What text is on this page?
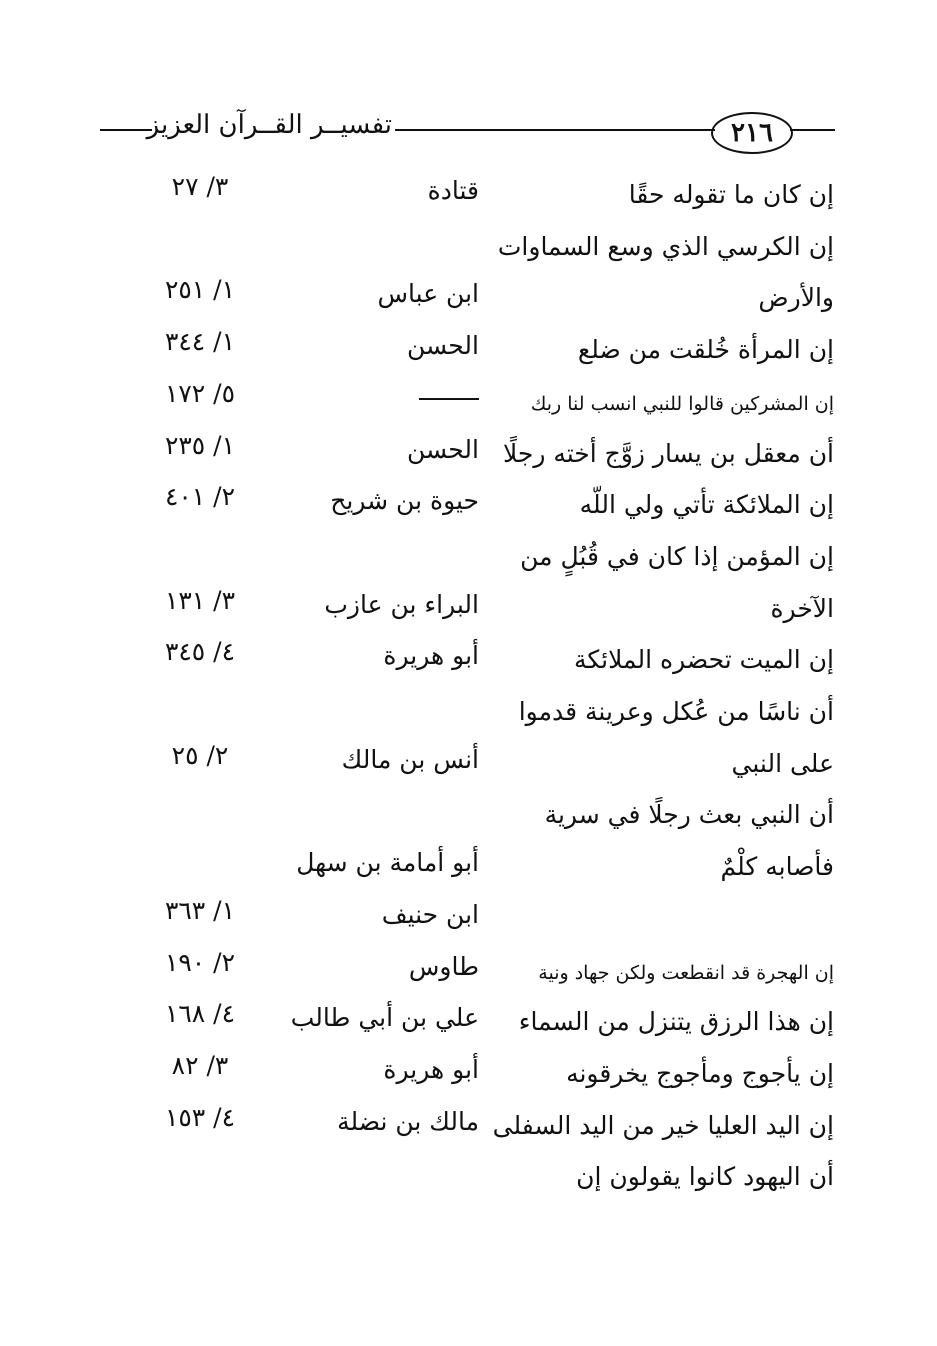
تفسيــر القــرآن العزيز	٢١٦
إن كان ما تقوله حقًا
قتادة
٣/ ٢٧
إن الكرسي الذي وسع السماوات
والأرض
ابن عباس
١/ ٢٥١
إن المرأة خُلقت من ضلع
الحسن
١/ ٣٤٤
إن المشركين قالوا للنبي انسب لنا ربك
٥/ ١٧٢
أن معقل بن يسار زوَّج أخته رجلًا
الحسن
١/ ٢٣٥
إن الملائكة تأتي ولي اللّه
حيوة بن شريح
٢/ ٤٠١
إن المؤمن إذا كان في قُبُلٍ من
الآخرة
البراء بن عازب
٣/ ١٣١
إن الميت تحضره الملائكة
أبو هريرة
٤/ ٣٤٥
أن ناسًا من عُكل وعرينة قدموا
على النبي
أنس بن مالك
٢/ ٢٥
أن النبي بعث رجلًا في سرية
فأصابه كلْمٌ
أبو أمامة بن سهل
ابن حنيف
١/ ٣٦٣
إن الهجرة قد انقطعت ولكن جهاد ونية
طاوس
٢/ ١٩٠
إن هذا الرزق يتنزل من السماء
علي بن أبي طالب
٤/ ١٦٨
إن يأجوج ومأجوج يخرقونه
أبو هريرة
٣/ ٨٢
إن اليد العليا خير من اليد السفلى
مالك بن نضلة
٤/ ١٥٣
أن اليهود كانوا يقولون إن
